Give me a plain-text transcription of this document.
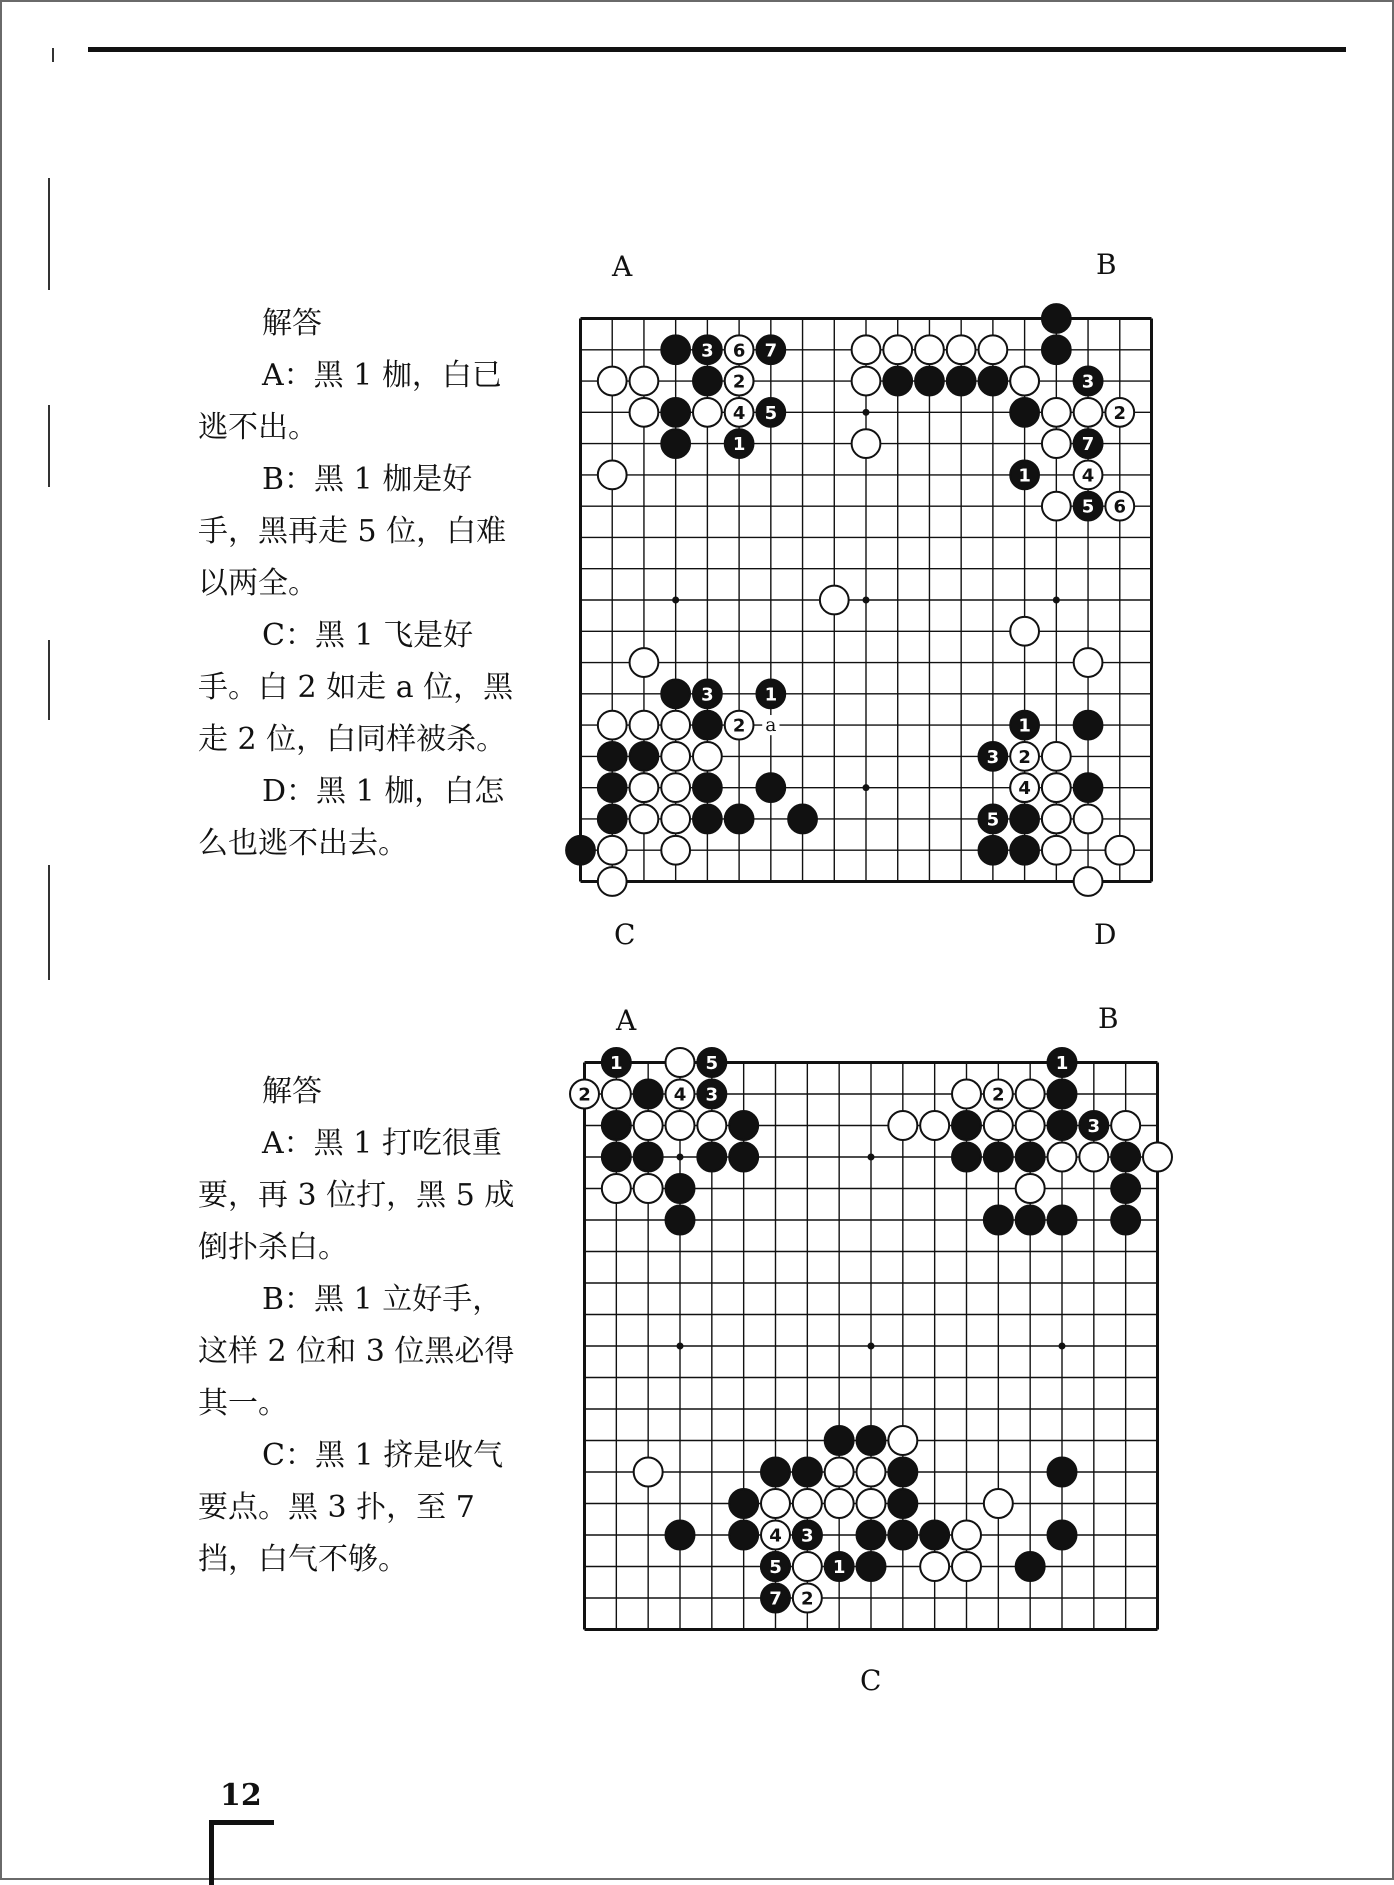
解答

A：黑 1 枷，白已逃不出。

B：黑 1 枷是好手，黑再走 5 位，白难以两全。

C：黑 1 飞是好手。白 2 如走 a 位，黑走 2 位，白同样被杀。

D：黑 1 枷，白怎么也逃不出去。

A	B
C	D
3 6 7
2
4 5
1
3
2
7
1	4
5 6
3	1
2	1
3 2
4
5
a

解答

A：黑 1 打吃很重要，再 3 位打，黑 5 成倒扑杀白。

B：黑 1 立好手，这样 2 位和 3 位黑必得其一。

C：黑 1 挤是收气要点。黑 3 扑，至 7 挡，白气不够。

A	B
C
1	5
2	4 3
1
2
3
4 3
1
5
7 2
12
